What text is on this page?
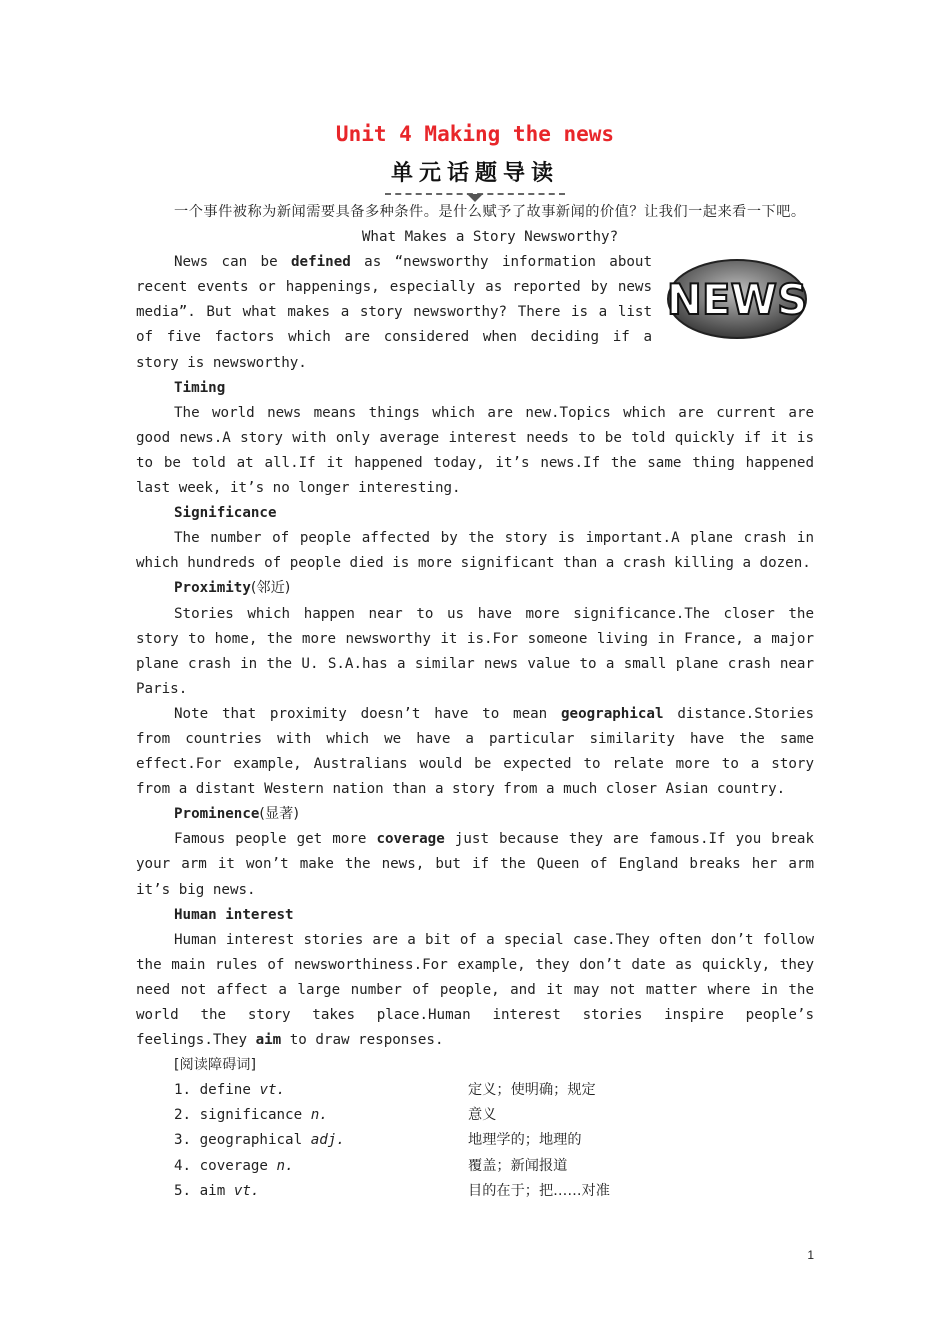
Unit 4 Making the news
单元话题导读

一个事件被称为新闻需要具备多种条件。是什么赋予了故事新闻的价值？让我们一起来看一下吧。

What Makes a Story Newsworthy?

NEWS

News can be defined as “newsworthy information about recent events or happenings, especially as reported by news media”. But what makes a story newsworthy? There is a list of five factors which are considered when deciding if a story is newsworthy.

Timing

The world news means things which are new.Topics which are current are good news.A story with only average interest needs to be told quickly if it is to be told at all.If it happened today, it’s news.If the same thing happened last week, it’s no longer interesting.

Significance

The number of people affected by the story is important.A plane crash in which hundreds of people died is more significant than a crash killing a dozen.

Proximity(邻近)

Stories which happen near to us have more significance.The closer the story to home, the more newsworthy it is.For someone living in France, a major plane crash in the U. S.A.has a similar news value to a small plane crash near Paris.

Note that proximity doesn’t have to mean geographical distance.Stories from countries with which we have a particular similarity have the same effect.For example, Australians would be expected to relate more to a story from a distant Western nation than a story from a much closer Asian country.

Prominence(显著)

Famous people get more coverage just because they are famous.If you break your arm it won’t make the news, but if the Queen of England breaks her arm it’s big news.

Human interest

Human interest stories are a bit of a special case.They often don’t follow the main rules of newsworthiness.For example, they don’t date as quickly, they need not affect a large number of people, and it may not matter where in the world the story takes place.Human interest stories inspire people’s feelings.They aim to draw responses.

[阅读障碍词]

1. define vt.	定义；使明确；规定
2. significance n.	意义
3. geographical adj.	地理学的；地理的
4. coverage n.	覆盖；新闻报道
5. aim vt.	目的在于；把……对准
1
